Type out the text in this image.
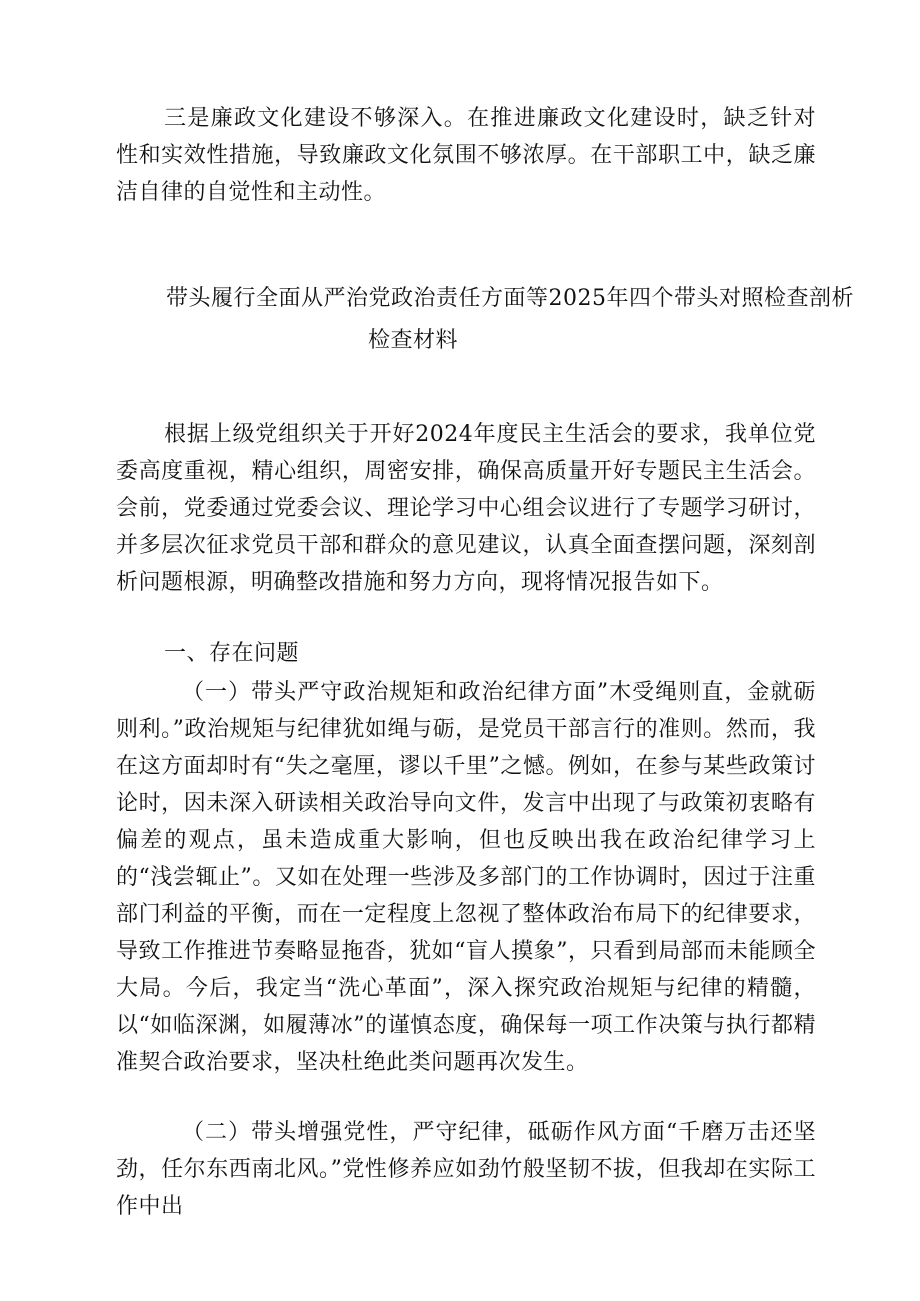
三是廉政文化建设不够深入。在推进廉政文化建设时，缺乏针对性和实效性措施，导致廉政文化氛围不够浓厚。在干部职工中，缺乏廉洁自律的自觉性和主动性。

带头履行全面从严治党政治责任方面等2025年四个带头对照检查剖析

检查材料

根据上级党组织关于开好2024年度民主生活会的要求，我单位党委高度重视，精心组织，周密安排，确保高质量开好专题民主生活会。会前，党委通过党委会议、理论学习中心组会议进行了专题学习研讨，并多层次征求党员干部和群众的意见建议，认真全面查摆问题，深刻剖析问题根源，明确整改措施和努力方向，现将情况报告如下。

一、存在问题

（一）带头严守政治规矩和政治纪律方面”木受绳则直，金就砺则利。”政治规矩与纪律犹如绳与砺，是党员干部言行的准则。然而，我在这方面却时有“失之毫厘，谬以千里”之憾。例如，在参与某些政策讨论时，因未深入研读相关政治导向文件，发言中出现了与政策初衷略有偏差的观点，虽未造成重大影响，但也反映出我在政治纪律学习上的“浅尝辄止”。又如在处理一些涉及多部门的工作协调时，因过于注重部门利益的平衡，而在一定程度上忽视了整体政治布局下的纪律要求，导致工作推进节奏略显拖沓，犹如“盲人摸象”，只看到局部而未能顾全大局。今后，我定当“洗心革面”，深入探究政治规矩与纪律的精髓，以“如临深渊，如履薄冰”的谨慎态度，确保每一项工作决策与执行都精准契合政治要求，坚决杜绝此类问题再次发生。

（二）带头增强党性，严守纪律，砥砺作风方面“千磨万击还坚劲，任尔东西南北风。”党性修养应如劲竹般坚韧不拔，但我却在实际工作中出
